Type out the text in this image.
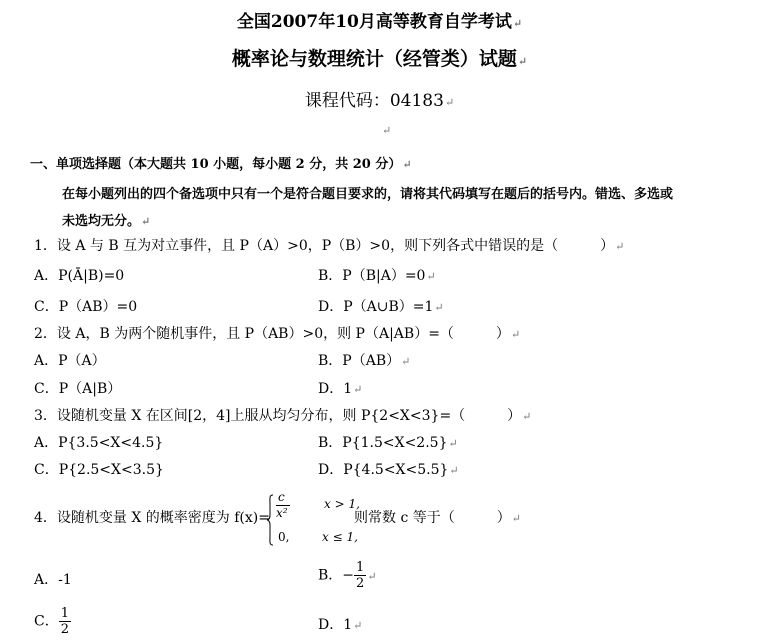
全国2007年10月高等教育自学考试↵
概率论与数理统计（经管类）试题↵
课程代码：04183↵
↵
一、单项选择题（本大题共 10 小题，每小题 2 分，共 20 分）↵
在每小题列出的四个备选项中只有一个是符合题目要求的，请将其代码填写在题后的括号内。错选、多选或
未选均无分。↵
1．设 A 与 B 互为对立事件，且 P（A）>0，P（B）>0，则下列各式中错误的是（　　　）↵
A．P(Ā|B)=0	B．P（B|A）=0↵
C．P（AB）=0	D．P（A∪B）=1↵
2．设 A，B 为两个随机事件，且 P（AB）>0，则 P（A|AB）=（　　　）↵
A．P（A）	B．P（AB）↵
C．P（A|B）	D．1↵
3．设随机变量 X 在区间[2，4]上服从均匀分布，则 P{2<X<3}=（　　　）↵
A．P{3.5<X<4.5}	B．P{1.5<X<2.5}↵
C．P{2.5<X<3.5}	D．P{4.5<X<5.5}↵
4．设随机变量 X 的概率密度为 f(x)=
c
x²
x > 1,
0,	x ≤ 1,
则常数 c 等于（　　　）↵
A．-1	B．− $\frac{1}{2}$ ↵
C． $\frac{1}{2}$	D．1↵
